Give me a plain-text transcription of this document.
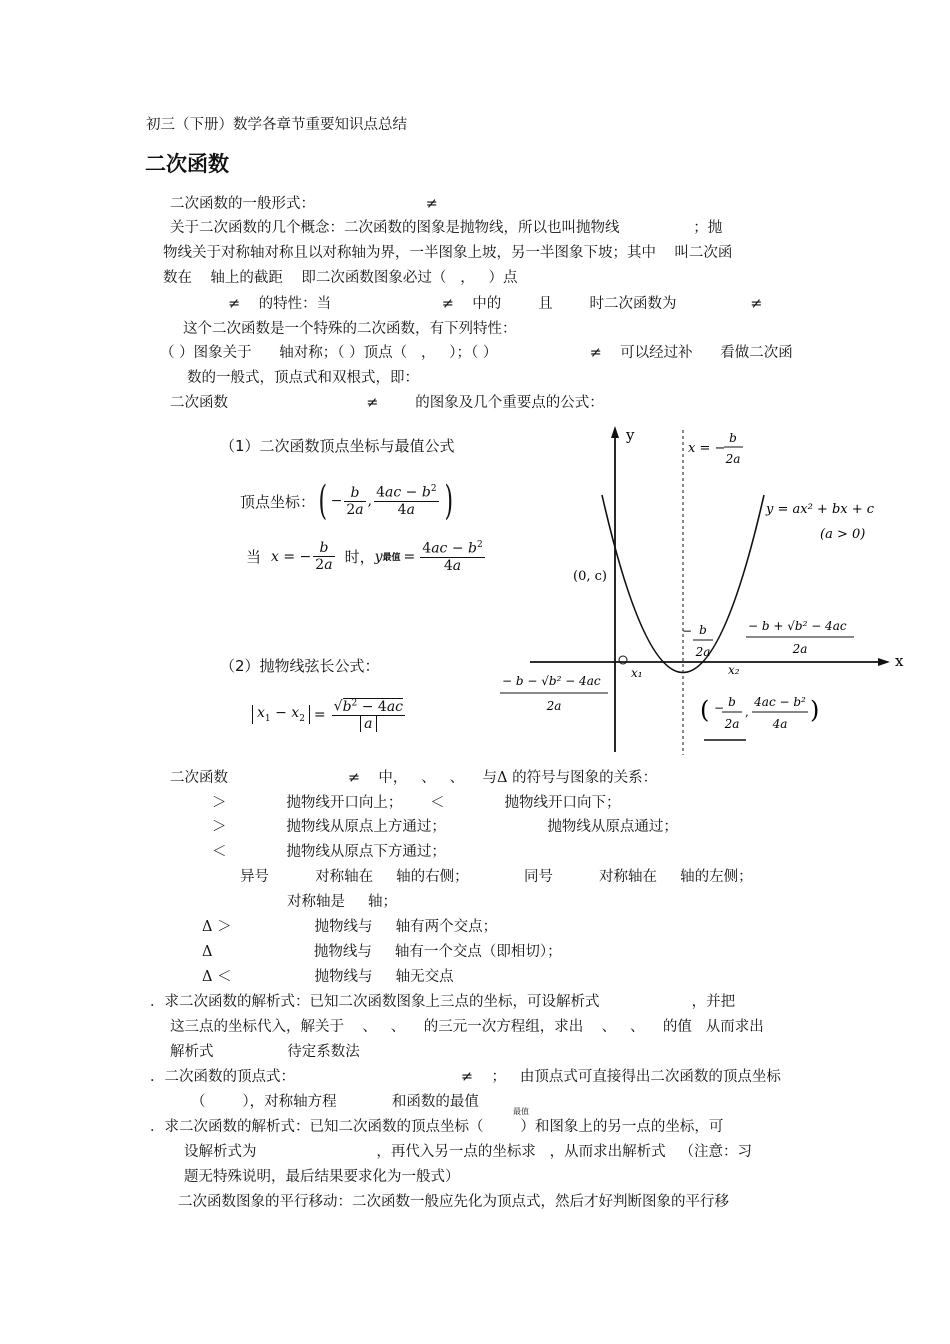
初三（下册）数学各章节重要知识点总结
二次函数
二次函数的一般形式：                        ≠
关于二次函数的几个概念：二次函数的图象是抛物线，所以也叫抛物线                ；抛
物线关于对称轴对称且以对称轴为界，一半图象上坡，另一半图象下坡；其中    叫二次函
数在    轴上的截距    即二次函数图象必过（   ，   ）点
≠    的特性：当                        ≠    中的        且        时二次函数为                ≠
这个二次函数是一个特殊的二次函数，有下列特性：
（ ）图象关于      轴对称；（ ）顶点（   ，   ）；（ ）                    ≠    可以经过补      看做二次函
数的一般式，顶点式和双根式，即：
二次函数                              ≠        的图象及几个重要点的公式：
（1）二次函数顶点坐标与最值公式
顶点坐标： ( − $\frac{b}{2a}$ , $\frac{4ac - b^2}{4a}$ )
当 x = − $\frac{b}{2a}$ 时， y 最值 = $\frac{4ac - b^2}{4a}$
（2）抛物线弦长公式：
$x_1 - x_2 = \frac{√b^2 - 4ac}{a}$
y
x
x = −
b
2a
y = ax² + bx + c
(a > 0)
(0, c)
x₁	x₂
− b
2a
− b + √b² − 4ac
2a
− b − √b² − 4ac
2a	( − b
2a
,
4ac − b²
4a )
二次函数                          ≠    中，   、   、    与Δ 的符号与图象的关系：
＞             抛物线开口向上；      ＜             抛物线开口向下；
＞             抛物线从原点上方通过；                      抛物线从原点通过；
＜             抛物线从原点下方通过；
异号          对称轴在     轴的右侧；            同号          对称轴在     轴的左侧；
对称轴是     轴；
Δ ＞                  抛物线与     轴有两个交点；
Δ                      抛物线与     轴有一个交点（即相切）；
Δ ＜                  抛物线与     轴无交点
．求二次函数的解析式：已知二次函数图象上三点的坐标，可设解析式                    ，并把
这三点的坐标代入，解关于    、   、    的三元一次方程组，求出    、   、    的值   从而求出
解析式                待定系数法
．二次函数的顶点式：                                    ≠    ；   由顶点式可直接得出二次函数的顶点坐标
（        ），对称轴方程            和函数的最值
最值
．求二次函数的解析式：已知二次函数的顶点坐标（        ）和图象上的另一点的坐标，可
设解析式为                          ，再代入另一点的坐标求   ，从而求出解析式   （注意：习
题无特殊说明，最后结果要求化为一般式）
二次函数图象的平行移动：二次函数一般应先化为顶点式，然后才好判断图象的平行移
